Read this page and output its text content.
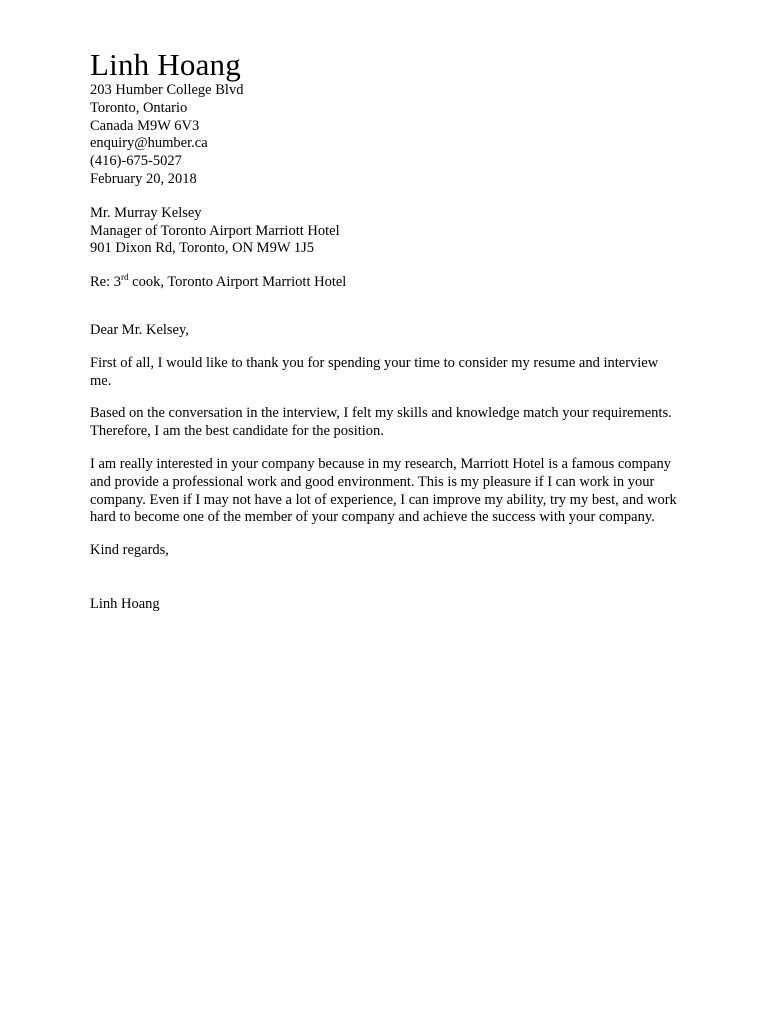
Linh Hoang

203 Humber College Blvd

Toronto, Ontario

Canada M9W 6V3

enquiry@humber.ca

(416)-675-5027

February 20, 2018

Mr. Murray Kelsey

Manager of Toronto Airport Marriott Hotel

901 Dixon Rd, Toronto, ON M9W 1J5

Re: 3rd cook, Toronto Airport Marriott Hotel

Dear Mr. Kelsey,

First of all, I would like to thank you for spending your time to consider my resume and interview me.

Based on the conversation in the interview, I felt my skills and knowledge match your requirements. Therefore, I am the best candidate for the position.

I am really interested in your company because in my research, Marriott Hotel is a famous company and provide a professional work and good environment. This is my pleasure if I can work in your company. Even if I may not have a lot of experience, I can improve my ability, try my best, and work hard to become one of the member of your company and achieve the success with your company.

Kind regards,

Linh Hoang
